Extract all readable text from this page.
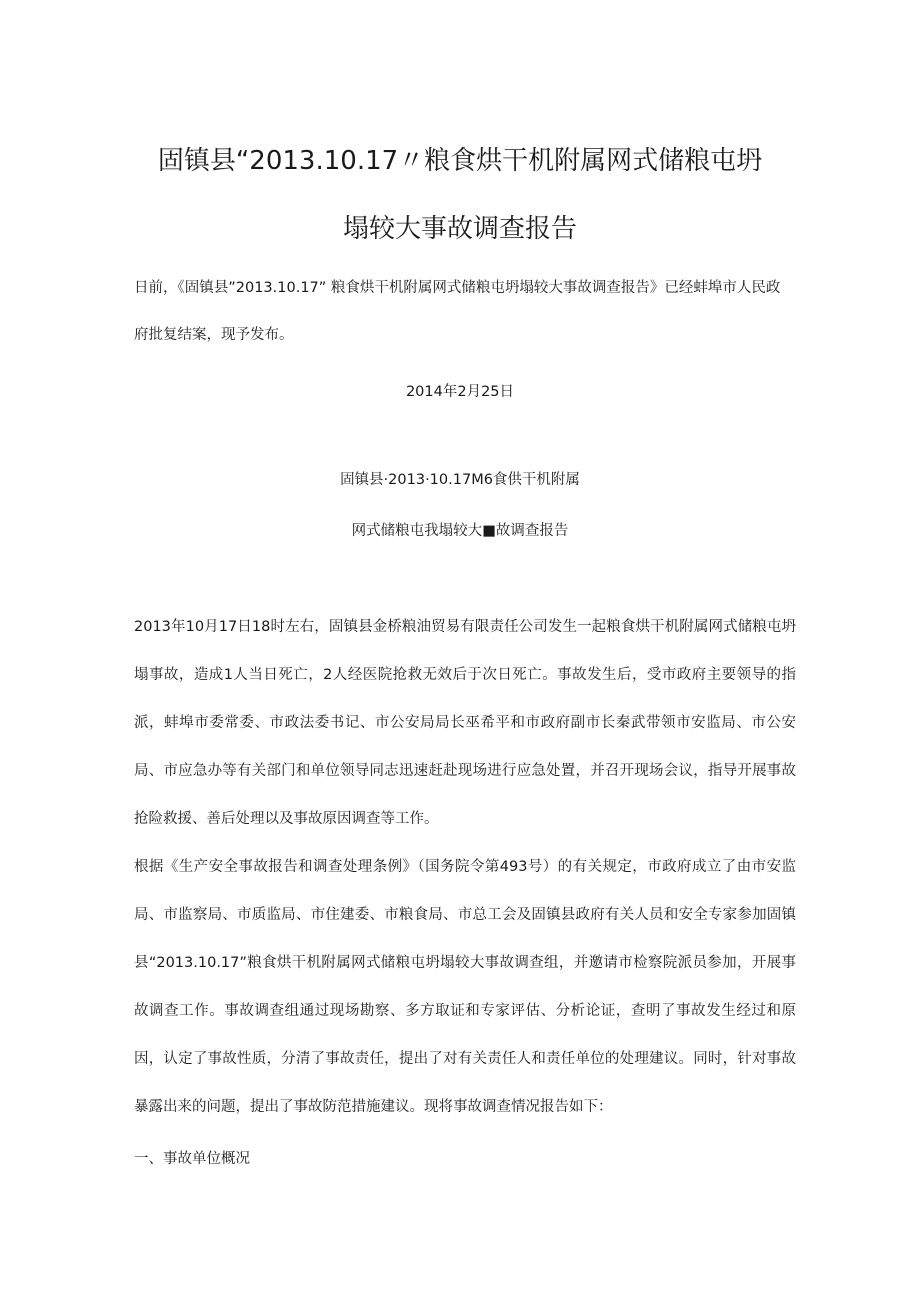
固镇县“2013.10.17〃粮食烘干机附属网式储粮屯坍
塌较大事故调查报告
日前，《固镇县”2013.10.17” 粮食烘干机附属网式储粮屯坍塌较大事故调查报告》已经蚌埠市人民政府批复结案，现予发布。
2014年2月25日
固镇县·2013·10.17M6食供干机附属
网式储粮屯我塌较大■故调查报告
2013年10月17日18时左右，固镇县金桥粮油贸易有限责任公司发生一起粮食烘干机附属网式储粮屯坍塌事故，造成1人当日死亡，2人经医院抢救无效后于次日死亡。事故发生后，受市政府主要领导的指派，蚌埠市委常委、市政法委书记、市公安局局长巫希平和市政府副市长秦武带领市安监局、市公安局、市应急办等有关部门和单位领导同志迅速赶赴现场进行应急处置，并召开现场会议，指导开展事故抢险救援、善后处理以及事故原因调查等工作。
根据《生产安全事故报告和调查处理条例》（国务院令第493号）的有关规定，市政府成立了由市安监局、市监察局、市质监局、市住建委、市粮食局、市总工会及固镇县政府有关人员和安全专家参加固镇县“2013.10.17”粮食烘干机附属网式储粮屯坍塌较大事故调查组，并邀请市检察院派员参加，开展事故调查工作。事故调查组通过现场勘察、多方取证和专家评估、分析论证，查明了事故发生经过和原因，认定了事故性质，分清了事故责任，提出了对有关责任人和责任单位的处理建议。同时，针对事故暴露出来的问题，提出了事故防范措施建议。现将事故调查情况报告如下：
一、事故单位概况
